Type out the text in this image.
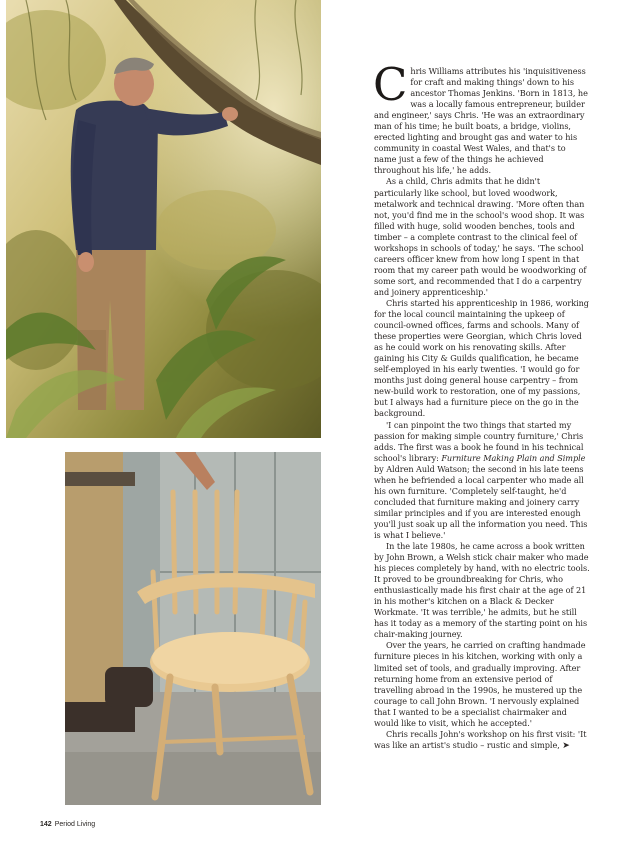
Chris Williams attributes his 'inquisitiveness for craft and making things' down to his ancestor Thomas Jenkins. 'Born in 1813, he was a locally famous entrepreneur, builder and engineer,' says Chris. 'He was an extraordinary man of his time; he built boats, a bridge, violins, erected lighting and brought gas and water to his community in coastal West Wales, and that's to name just a few of the things he achieved throughout his life,' he adds.

As a child, Chris admits that he didn't particularly like school, but loved woodwork, metalwork and technical drawing. 'More often than not, you'd find me in the school's wood shop. It was filled with huge, solid wooden benches, tools and timber – a complete contrast to the clinical feel of workshops in schools of today,' he says. 'The school careers officer knew from how long I spent in that room that my career path would be woodworking of some sort, and recommended that I do a carpentry and joinery apprenticeship.'

Chris started his apprenticeship in 1986, working for the local council maintaining the upkeep of council-owned offices, farms and schools. Many of these properties were Georgian, which Chris loved as he could work on his renovating skills. After gaining his City & Guilds qualification, he became self-employed in his early twenties. 'I would go for months just doing general house carpentry – from new-build work to restoration, one of my passions, but I always had a furniture piece on the go in the background.

'I can pinpoint the two things that started my passion for making simple country furniture,' Chris adds. The first was a book he found in his technical school's library: Furniture Making Plain and Simple by Aldren Auld Watson; the second in his late teens when he befriended a local carpenter who made all his own furniture. 'Completely self-taught, he'd concluded that furniture making and joinery carry similar principles and if you are interested enough you'll just soak up all the information you need. This is what I believe.'

In the late 1980s, he came across a book written by John Brown, a Welsh stick chair maker who made his pieces completely by hand, with no electric tools. It proved to be groundbreaking for Chris, who enthusiastically made his first chair at the age of 21 in his mother's kitchen on a Black & Decker Workmate. 'It was terrible,' he admits, but he still has it today as a memory of the starting point on his chair-making journey.

Over the years, he carried on crafting handmade furniture pieces in his kitchen, working with only a limited set of tools, and gradually improving. After returning home from an extensive period of travelling abroad in the 1990s, he mustered up the courage to call John Brown. 'I nervously explained that I wanted to be a specialist chairmaker and would like to visit, which he accepted.'

Chris recalls John's workshop on his first visit: 'It was like an artist's studio – rustic and simple, ➤

142 Period Living
